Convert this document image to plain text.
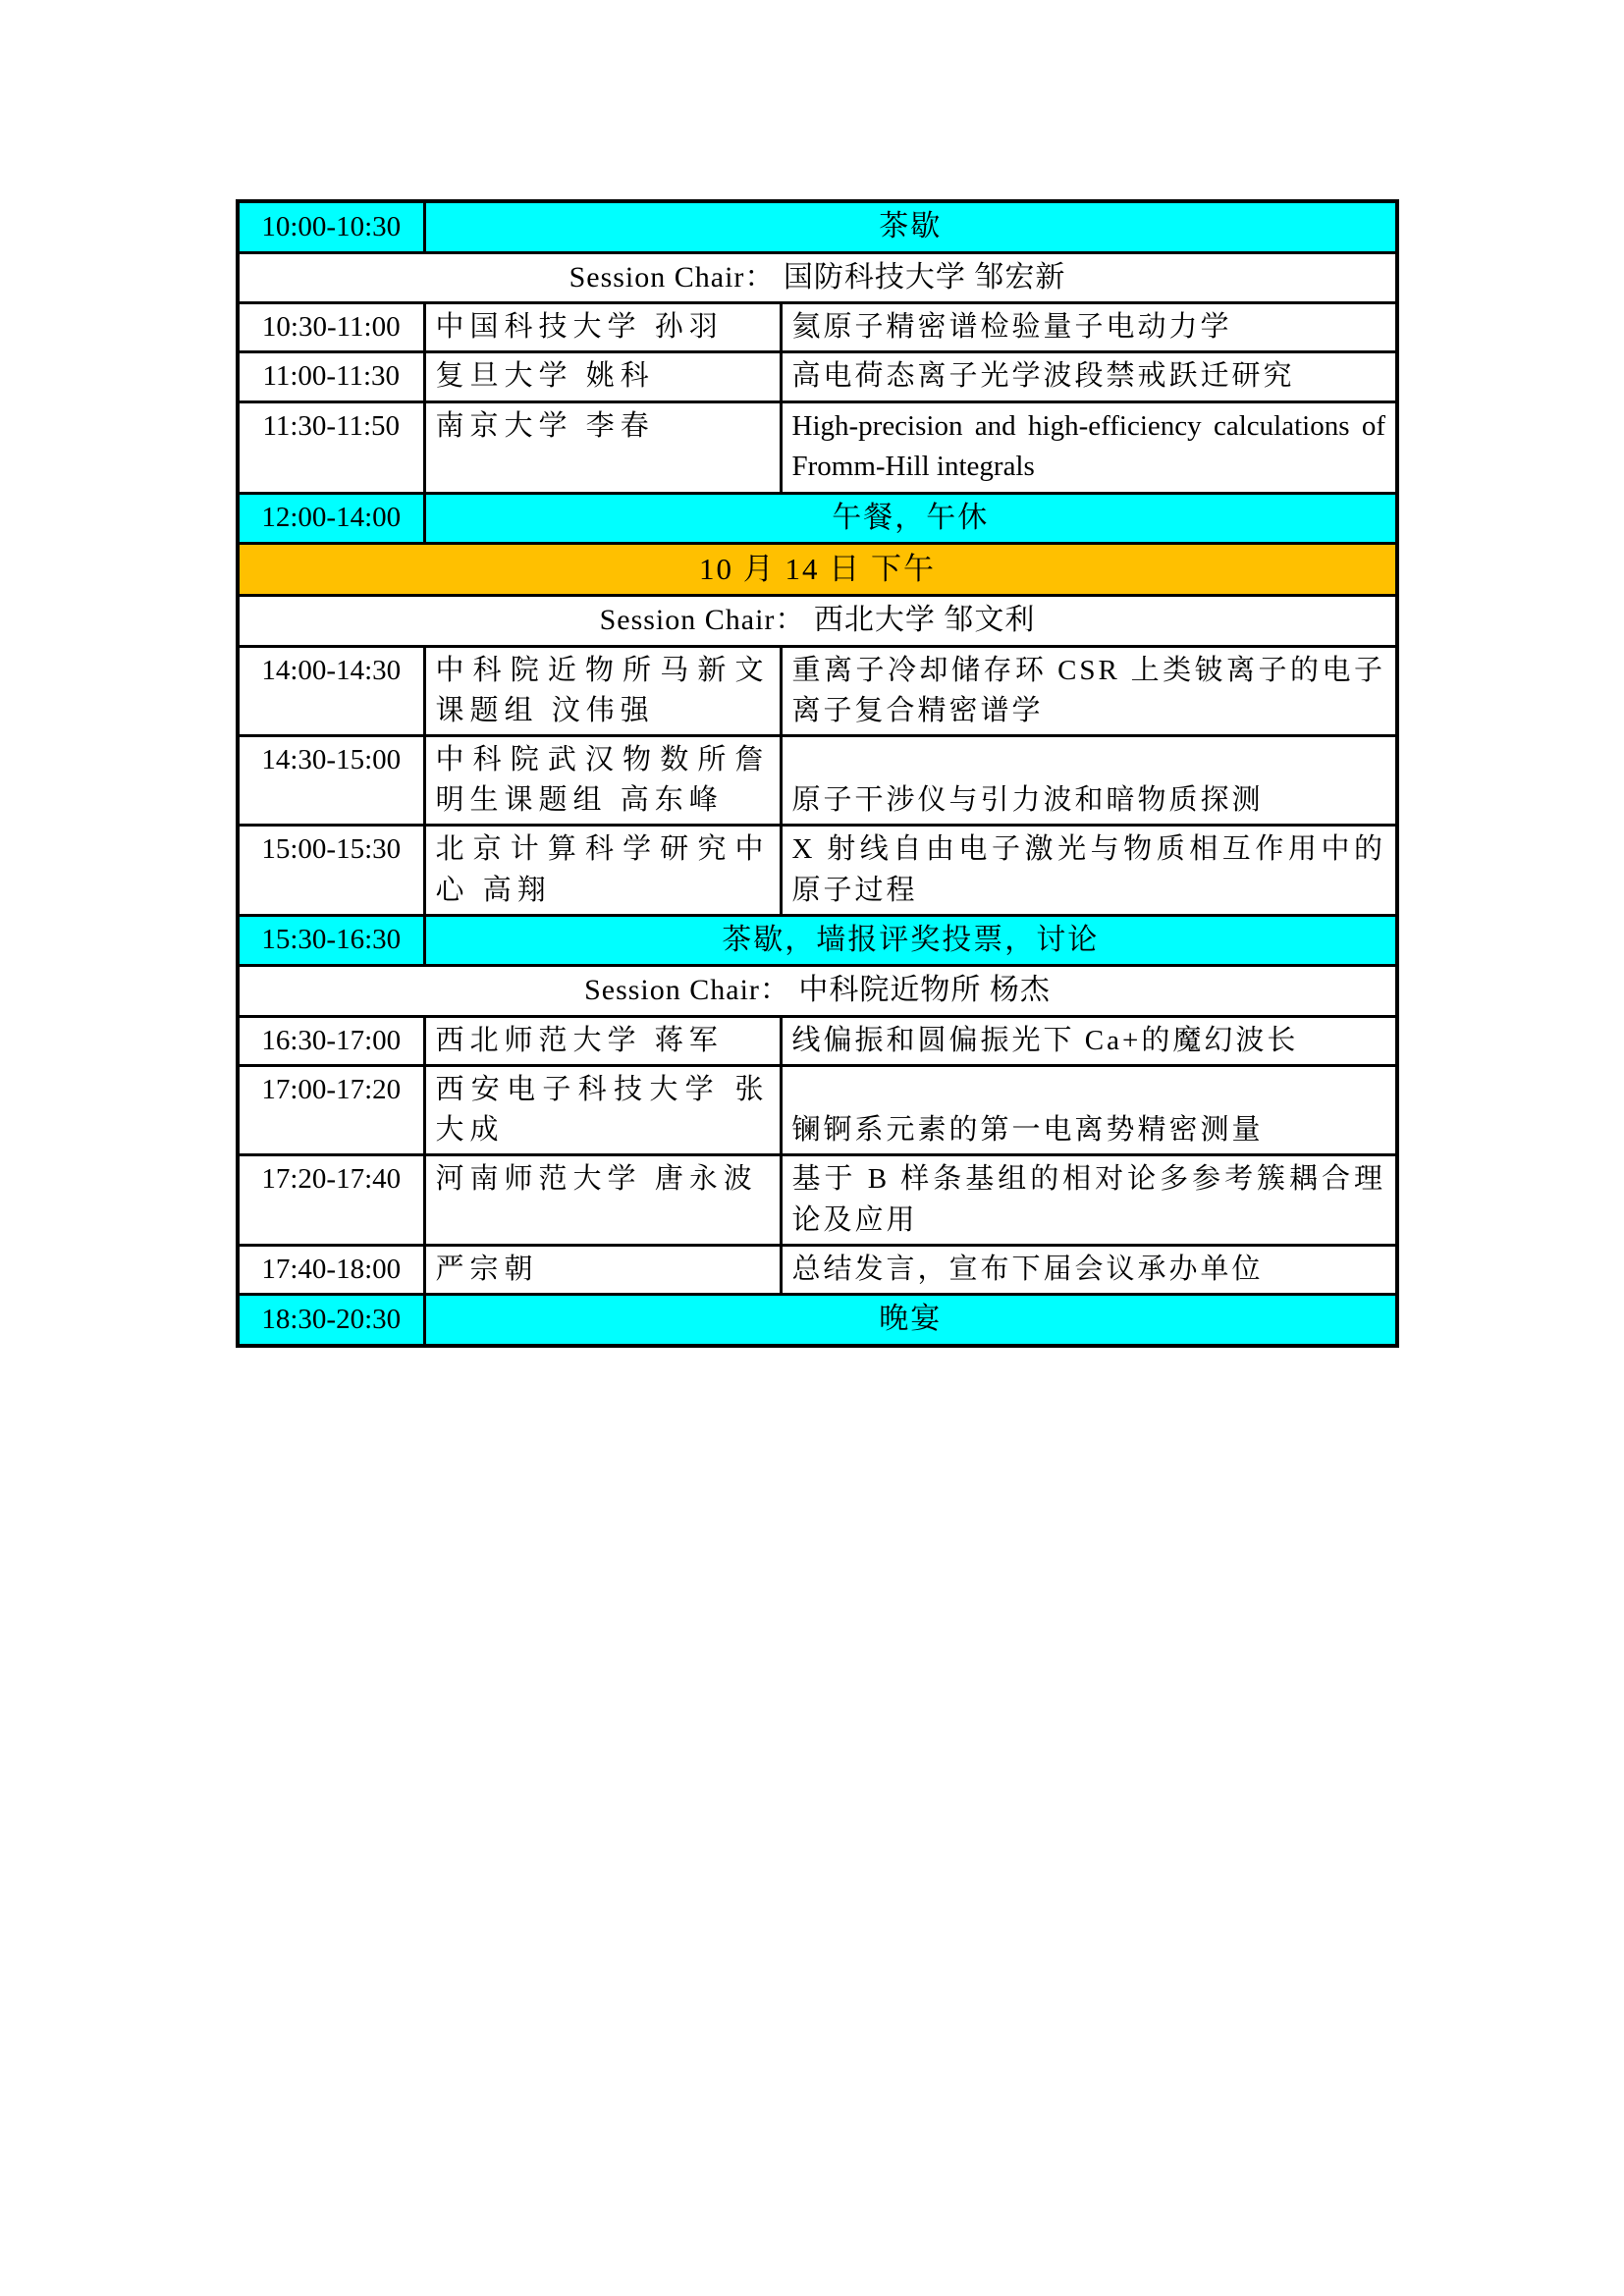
10:00-10:30	茶歇	
Session Chair： 国防科技大学 邹宏新		
10:30-11:00	中国科技大学 孙羽	氦原子精密谱检验量子电动力学
11:00-11:30	复旦大学 姚科	高电荷态离子光学波段禁戒跃迁研究
11:30-11:50	南京大学 李春	High-precision and high-efficiency calculations of Fromm-Hill integrals
12:00-14:00	午餐，午休	
10 月 14 日 下午		
Session Chair： 西北大学 邹文利		
14:00-14:30	中科院近物所马新文课题组 汶伟强	重离子冷却储存环 CSR 上类铍离子的电子离子复合精密谱学
14:30-15:00	中科院武汉物数所詹明生课题组 高东峰	原子干涉仪与引力波和暗物质探测
15:00-15:30	北京计算科学研究中心 高翔	X 射线自由电子激光与物质相互作用中的原子过程
15:30-16:30	茶歇，墙报评奖投票，讨论	
Session Chair： 中科院近物所 杨杰		
16:30-17:00	西北师范大学 蒋军	线偏振和圆偏振光下 Ca+的魔幻波长
17:00-17:20	西安电子科技大学 张大成	镧锕系元素的第一电离势精密测量
17:20-17:40	河南师范大学 唐永波	基于 B 样条基组的相对论多参考簇耦合理论及应用
17:40-18:00	严宗朝	总结发言，宣布下届会议承办单位
18:30-20:30	晚宴	
